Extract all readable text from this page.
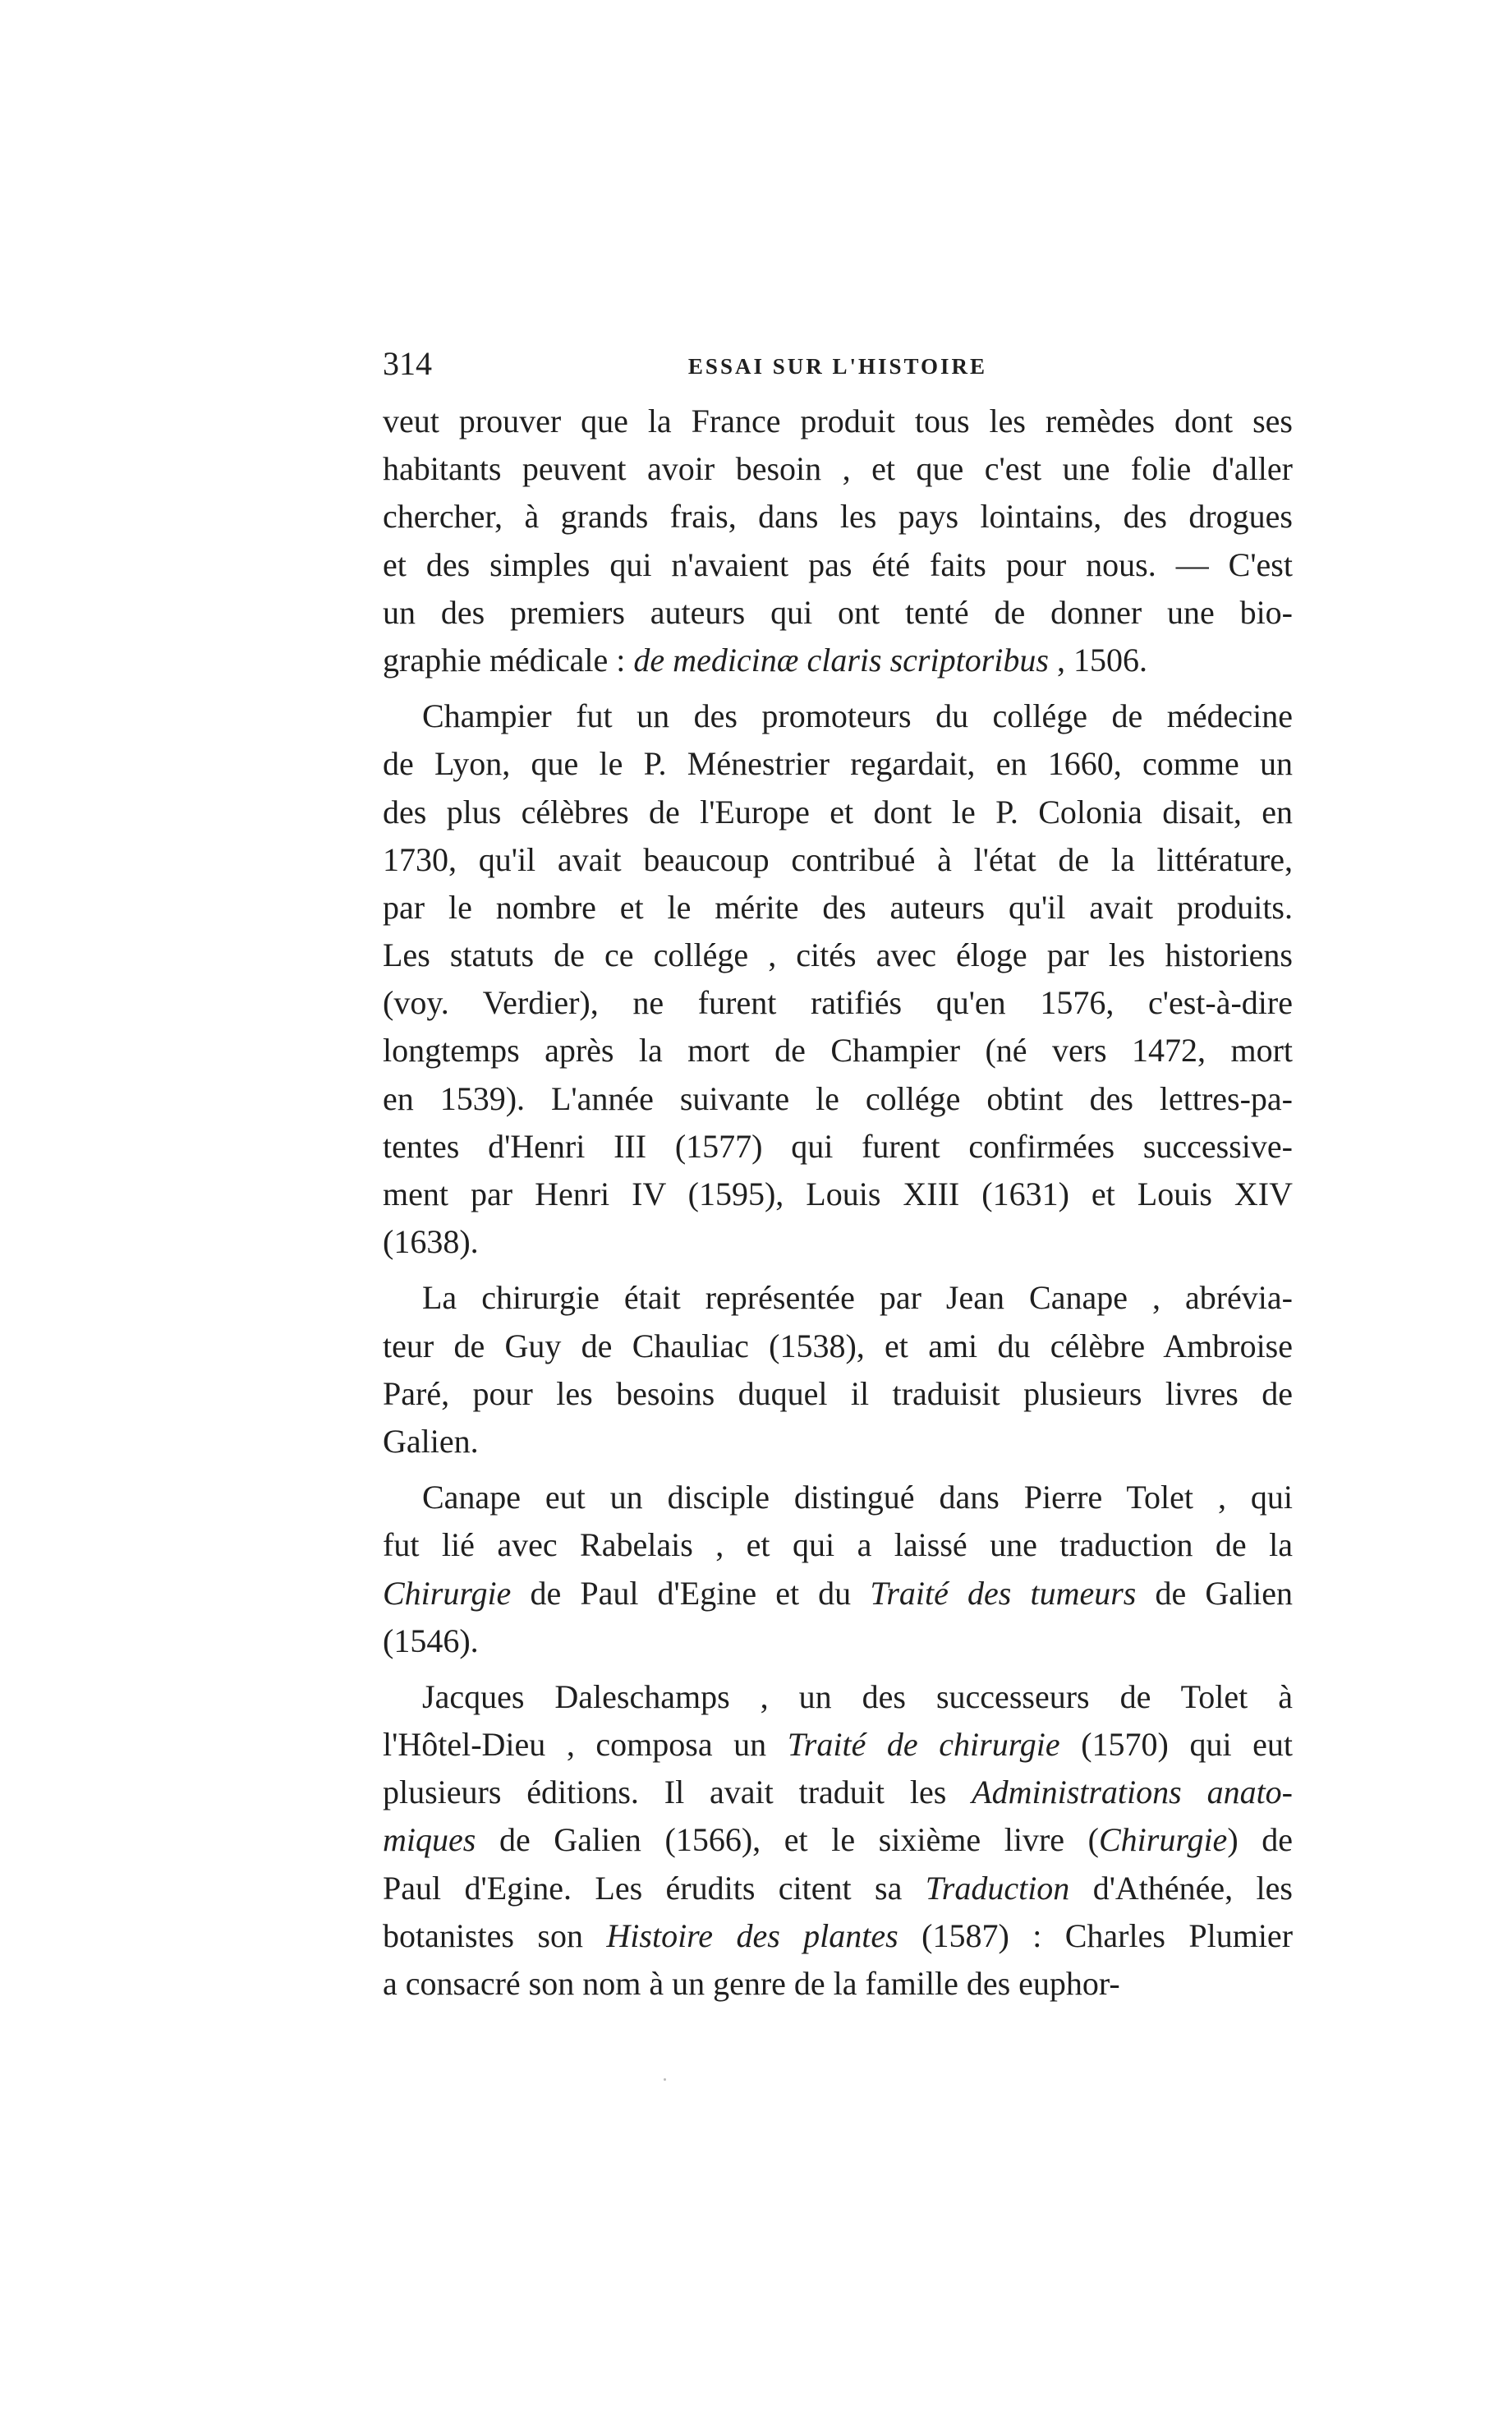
314	ESSAI SUR L'HISTOIRE
veut prouver que la France produit tous les remèdes dont ses
habitants peuvent avoir besoin , et que c'est une folie d'aller
chercher, à grands frais, dans les pays lointains, des drogues
et des simples qui n'avaient pas été faits pour nous. — C'est
un des premiers auteurs qui ont tenté de donner une bio-
graphie médicale : de medicinæ claris scriptoribus , 1506.
Champier fut un des promoteurs du collége de médecine
de Lyon, que le P. Ménestrier regardait, en 1660, comme un
des plus célèbres de l'Europe et dont le P. Colonia disait, en
1730, qu'il avait beaucoup contribué à l'état de la littérature,
par le nombre et le mérite des auteurs qu'il avait produits.
Les statuts de ce collége , cités avec éloge par les historiens
(voy. Verdier), ne furent ratifiés qu'en 1576, c'est-à-dire
longtemps après la mort de Champier (né vers 1472, mort
en 1539). L'année suivante le collége obtint des lettres-pa-
tentes d'Henri III (1577) qui furent confirmées successive-
ment par Henri IV (1595), Louis XIII (1631) et Louis XIV
(1638).
La chirurgie était représentée par Jean Canape , abrévia-
teur de Guy de Chauliac (1538), et ami du célèbre Ambroise
Paré, pour les besoins duquel il traduisit plusieurs livres de
Galien.
Canape eut un disciple distingué dans Pierre Tolet , qui
fut lié avec Rabelais , et qui a laissé une traduction de la
Chirurgie de Paul d'Egine et du Traité des tumeurs de Galien
(1546).
Jacques Daleschamps , un des successeurs de Tolet à
l'Hôtel-Dieu , composa un Traité de chirurgie (1570) qui eut
plusieurs éditions. Il avait traduit les Administrations anato-
miques de Galien (1566), et le sixième livre (Chirurgie) de
Paul d'Egine. Les érudits citent sa Traduction d'Athénée, les
botanistes son Histoire des plantes (1587) : Charles Plumier
a consacré son nom à un genre de la famille des euphor-
